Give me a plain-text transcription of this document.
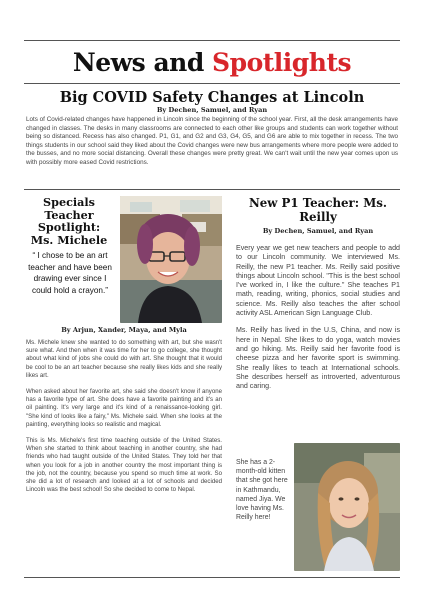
News and Spotlights
Big COVID Safety Changes at Lincoln
By Dechen, Samuel, and Ryan
Lots of Covid-related changes have happened in Lincoln since the beginning of the school year. First, all the desk arrangements have changed in classes. The desks in many classrooms are connected to each other like groups and students can work together without being so distanced. Recess has also changed. P1, G1, and G2 and G3, G4, G5, and G6 are able to mix together in recess. The two things students in our school said they liked about the Covid changes were new bus arrangements where more people were added to the busses, and no more social distancing. Overall these changes were pretty great. We can't wait until the new year comes upon us with possibly more eased Covid restrictions.
Specials Teacher Spotlight: Ms. Michele
“ I chose to be an art teacher and have been drawing ever since I could hold a crayon.”
By Arjun, Xander, Maya, and Myla

Ms. Michele knew she wanted to do something with art, but she wasn't sure what. And then when it was time for her to go college, she thought about what kind of jobs she could do with art. She thought that it would be cool to be an art teacher because she really likes kids and she really likes art.

When asked about her favorite art, she said she doesn't know if anyone has a favorite type of art. She does have a favorite painting and it's an oil painting. It's very large and it's kind of a renaissance-looking girl. "She kind of looks like a fairy," Ms. Michele said. When she looks at the painting, everything looks so realistic and magical.

This is Ms. Michele's first time teaching outside of the United States. When she started to think about teaching in another country, she had friends who had taught outside of the United States. They told her that when you look for a job in another country the most important thing is the job, not the country, because you spend so much time at work. So she did a lot of research and looked at a lot of schools and decided Lincoln was the best school! So she decided to come to Nepal.

New P1 Teacher: Ms. Reilly
By Dechen, Samuel, and Ryan

Every year we get new teachers and people to add to our Lincoln community. We interviewed Ms. Reilly, the new P1 teacher. Ms. Reilly said positive things about Lincoln school. "This is the best school I've worked in, I like the culture." She teaches P1 math, reading, writing, phonics, social studies and science. Ms. Reilly also teaches the after school activity ASL American Sign Language Club.

Ms. Reilly has lived in the U.S, China, and now is here in Nepal. She likes to do yoga, watch movies and go hiking. Ms. Reilly said her favorite food is cheese pizza and her favorite sport is swimming. She really likes to teach at International schools. She describes herself as introverted, adventurous and caring.

She has a 2-month-old kitten that she got here in Kathmandu, named Jiya. We love having Ms. Reilly here!
